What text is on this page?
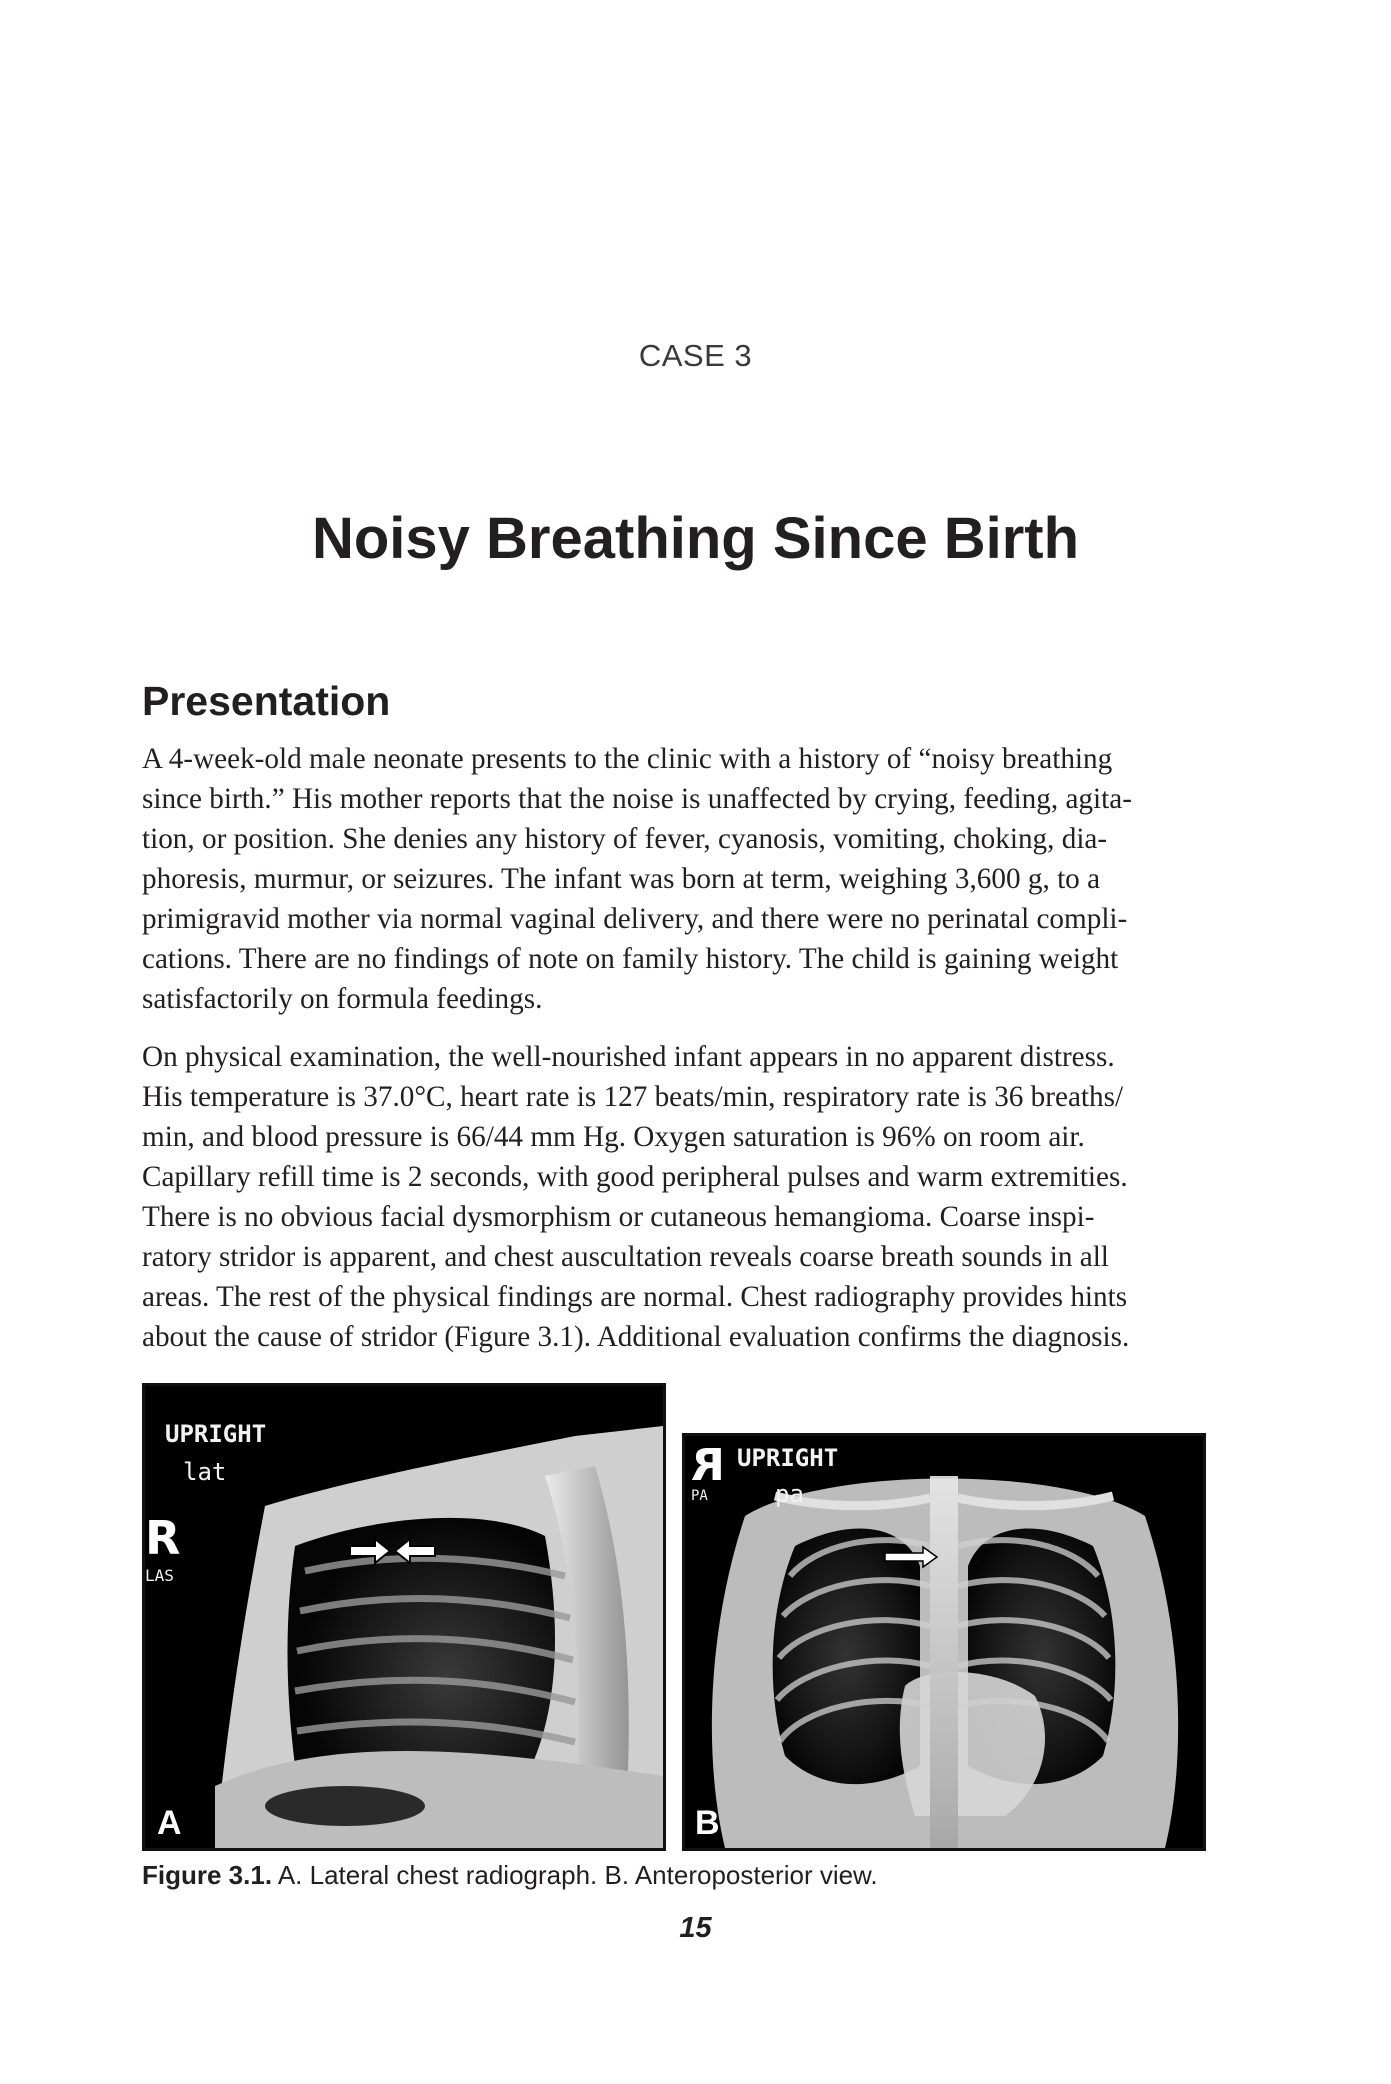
CASE 3
Noisy Breathing Since Birth
Presentation
A 4-week-old male neonate presents to the clinic with a history of “noisy breathing
since birth.” His mother reports that the noise is unaffected by crying, feeding, agita-
tion, or position. She denies any history of fever, cyanosis, vomiting, choking, dia-
phoresis, murmur, or seizures. The infant was born at term, weighing 3,600 g, to a
primigravid mother via normal vaginal delivery, and there were no perinatal compli-
cations. There are no findings of note on family history. The child is gaining weight
satisfactorily on formula feedings.
On physical examination, the well-nourished infant appears in no apparent distress.
His temperature is 37.0°C, heart rate is 127 beats/min, respiratory rate is 36 breaths/
min, and blood pressure is 66/44 mm Hg. Oxygen saturation is 96% on room air.
Capillary refill time is 2 seconds, with good peripheral pulses and warm extremities.
There is no obvious facial dysmorphism or cutaneous hemangioma. Coarse inspi-
ratory stridor is apparent, and chest auscultation reveals coarse breath sounds in all
areas. The rest of the physical findings are normal. Chest radiography provides hints
about the cause of stridor (Figure 3.1). Additional evaluation confirms the diagnosis.
UPRIGHT
lat
R
LAS
A
R
PA
UPRIGHT
pa
B
Figure 3.1. A. Lateral chest radiograph. B. Anteroposterior view.
15
